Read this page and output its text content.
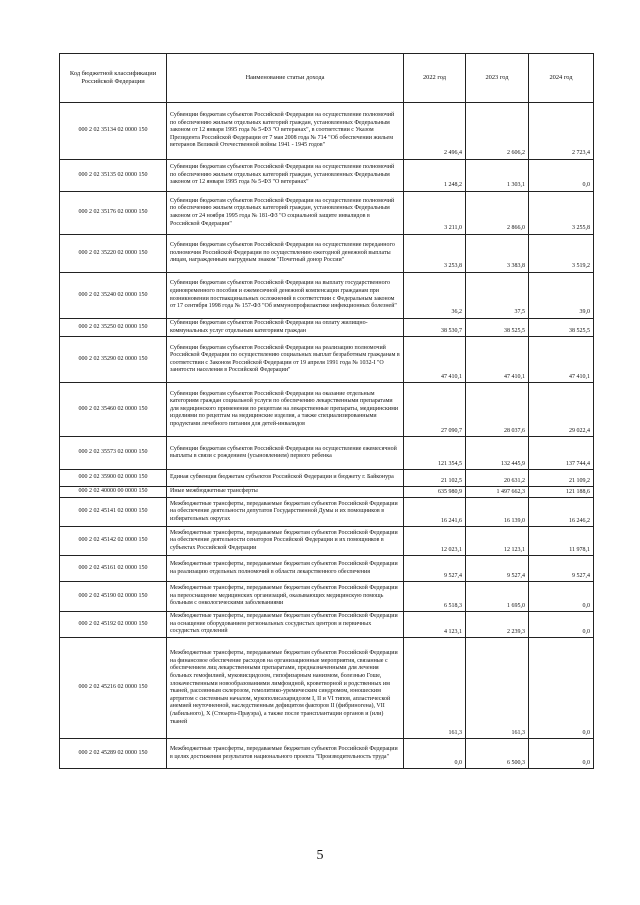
Код бюджетной классификации Российской Федерации	Наименование статьи дохода	2022 год	2023 год	2024 год
000 2 02 35134 02 0000 150	Субвенции бюджетам субъектов Российской Федерации на осуществление полномочий по обеспечению жильем отдельных категорий граждан, установленных Федеральным законом от 12 января 1995 года № 5-ФЗ "О ветеранах", в соответствии с Указом Президента Российской Федерации от 7 мая 2008 года № 714 "Об обеспечении жильем ветеранов Великой Отечественной войны 1941 - 1945 годов"	2 496,4	2 606,2	2 723,4
000 2 02 35135 02 0000 150	Субвенции бюджетам субъектов Российской Федерации на осуществление полномочий по обеспечению жильем отдельных категорий граждан, установленных Федеральным законом от 12 января 1995 года № 5-ФЗ "О ветеранах"	1 248,2	1 303,1	0,0
000 2 02 35176 02 0000 150	Субвенции бюджетам субъектов Российской Федерации на осуществление полномочий по обеспечению жильем отдельных категорий граждан, установленных Федеральным законом от 24 ноября 1995 года № 181-ФЗ "О социальной защите инвалидов в Российской Федерации"	3 211,0	2 866,0	3 255,8
000 2 02 35220 02 0000 150	Субвенции бюджетам субъектов Российской Федерации на осуществление переданного полномочия Российской Федерации по осуществлению ежегодной денежной выплаты лицам, награжденным нагрудным знаком "Почетный донор России"	3 253,8	3 383,8	3 519,2
000 2 02 35240 02 0000 150	Субвенции бюджетам субъектов Российской Федерации на выплату государственного единовременного пособия и ежемесячной денежной компенсации гражданам при возникновении поствакцинальных осложнений в соответствии с Федеральным законом от 17 сентября 1998 года № 157-ФЗ "Об иммунопрофилактике инфекционных болезней"	36,2	37,5	39,0
000 2 02 35250 02 0000 150	Субвенции бюджетам субъектов Российской Федерации на оплату жилищно-коммунальных услуг отдельным категориям граждан	38 530,7	38 525,5	38 525,5
000 2 02 35290 02 0000 150	Субвенции бюджетам субъектов Российской Федерации на реализацию полномочий Российской Федерации по осуществлению социальных выплат безработным гражданам в соответствии с Законом Российской Федерации от 19 апреля 1991 года № 1032-I "О занятости населения в Российской Федерации"	47 410,1	47 410,1	47 410,1
000 2 02 35460 02 0000 150	Субвенции бюджетам субъектов Российской Федерации на оказание отдельным категориям граждан социальной услуги по обеспечению лекарственными препаратами для медицинского применения по рецептам на лекарственные препараты, медицинскими изделиями по рецептам на медицинские изделия, а также специализированными продуктами лечебного питания для детей-инвалидов	27 090,7	28 037,6	29 022,4
000 2 02 35573 02 0000 150	Субвенции бюджетам субъектов Российской Федерации на осуществление ежемесячной выплаты в связи с рождением (усыновлением) первого ребенка	121 354,5	132 445,9	137 744,4
000 2 02 35900 02 0000 150	Единая субвенция бюджетам субъектов Российской Федерации и бюджету г. Байконура	21 102,5	20 631,2	21 109,2
000 2 02 40000 00 0000 150	Иные межбюджетные трансферты	635 980,9	1 497 662,3	121 188,6
000 2 02 45141 02 0000 150	Межбюджетные трансферты, передаваемые бюджетам субъектов Российской Федерации на обеспечение деятельности депутатов Государственной Думы и их помощников в избирательных округах	16 241,6	16 139,0	16 246,2
000 2 02 45142 02 0000 150	Межбюджетные трансферты, передаваемые бюджетам субъектов Российской Федерации на обеспечение деятельности сенаторов Российской Федерации и их помощников в субъектах Российской Федерации	12 023,1	12 123,1	11 978,1
000 2 02 45161 02 0000 150	Межбюджетные трансферты, передаваемые бюджетам субъектов Российской Федерации на реализацию отдельных полномочий в области лекарственного обеспечения	9 527,4	9 527,4	9 527,4
000 2 02 45190 02 0000 150	Межбюджетные трансферты, передаваемые бюджетам субъектов Российской Федерации на переоснащение медицинских организаций, оказывающих медицинскую помощь больным с онкологическими заболеваниями	6 518,3	1 695,0	0,0
000 2 02 45192 02 0000 150	Межбюджетные трансферты, передаваемые бюджетам субъектов Российской Федерации на оснащение оборудованием региональных сосудистых центров и первичных сосудистых отделений	4 123,1	2 239,3	0,0
000 2 02 45216 02 0000 150	Межбюджетные трансферты, передаваемые бюджетам субъектов Российской Федерации на финансовое обеспечение расходов на организационные мероприятия, связанные с обеспечением лиц лекарственными препаратами, предназначенными для лечения больных гемофилией, муковисцидозом, гипофизарным нанизмом, болезнью Гоше, злокачественными новообразованиями лимфоидной, кроветворной и родственных им тканей, рассеянным склерозом, гемолитико-уремическим синдромом, юношеским артритом с системным началом, мукополисахаридозом I, II и VI типов, апластической анемией неуточненной, наследственным дефицитом факторов II (фибриногена), VII (лабильного), X (Стюарта-Прауэра), а также после трансплантации органов и (или) тканей	161,3	161,3	0,0
000 2 02 45289 02 0000 150	Межбюджетные трансферты, передаваемые бюджетам субъектов Российской Федерации в целях достижения результатов национального проекта "Производительность труда"	0,0	6 500,3	0,0
5
